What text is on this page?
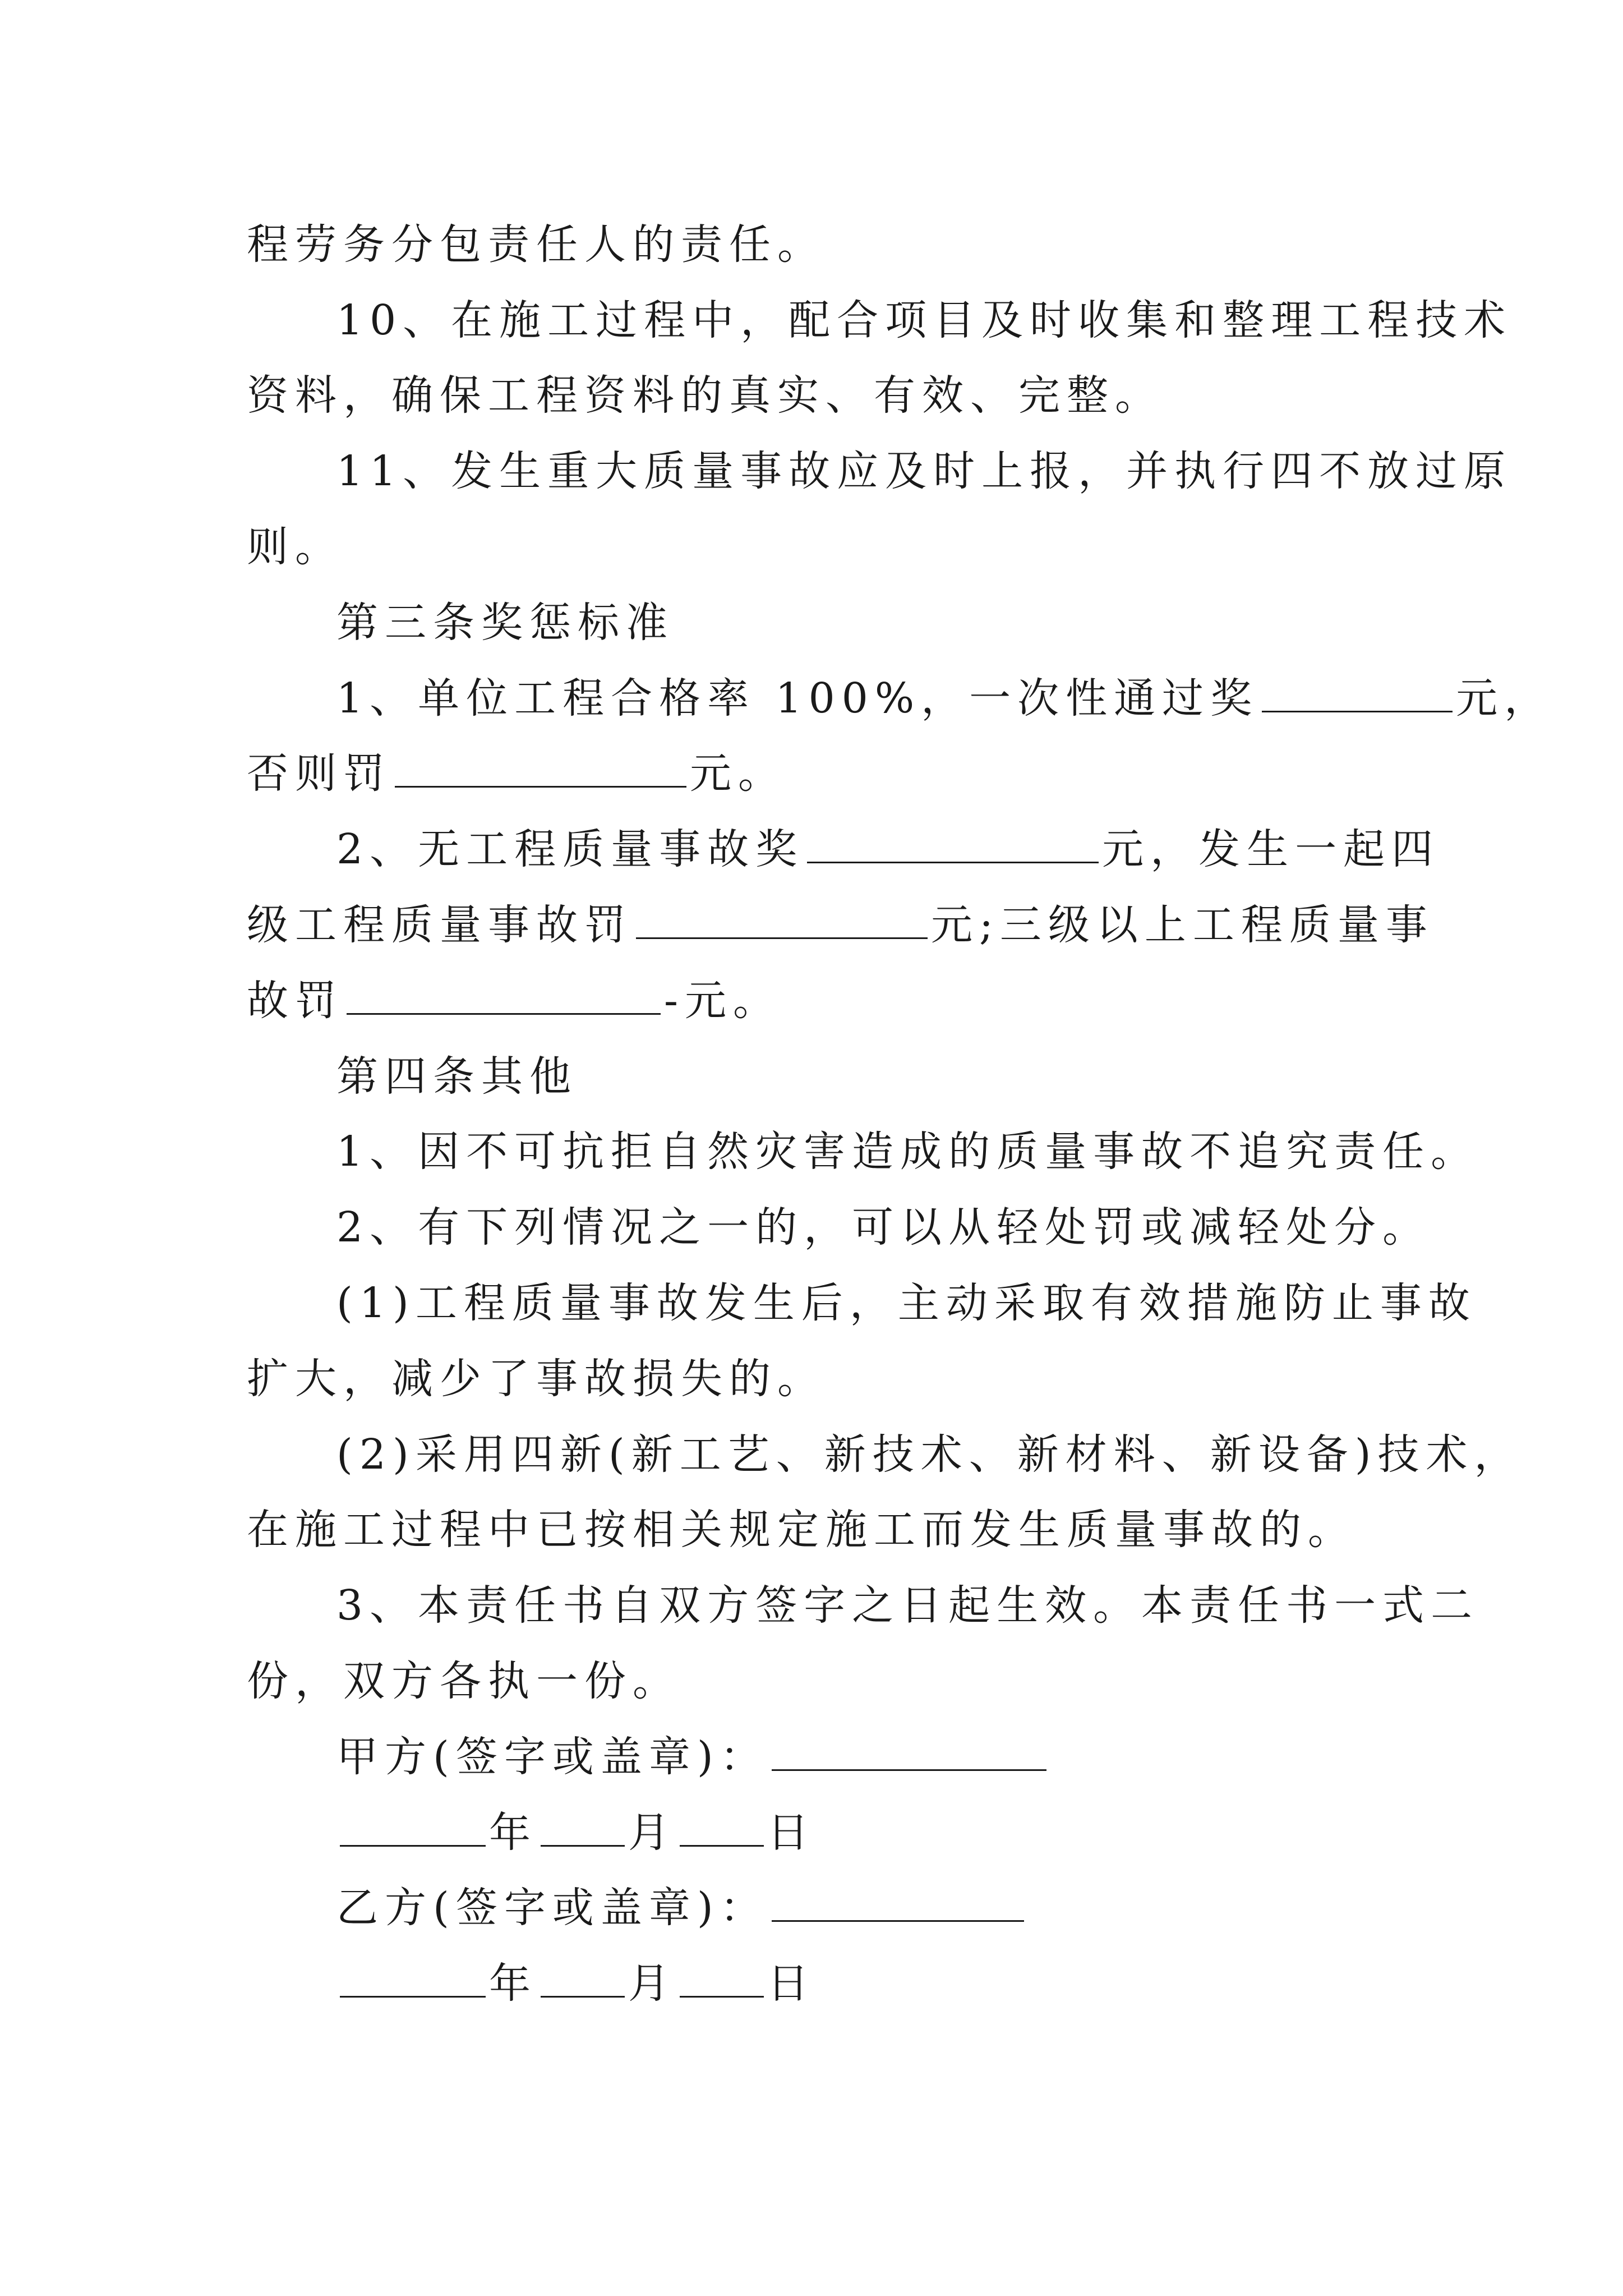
程劳务分包责任人的责任。
10、在施工过程中，配合项目及时收集和整理工程技术
资料，确保工程资料的真实、有效、完整。
11、发生重大质量事故应及时上报，并执行四不放过原
则。
第三条奖惩标准
1、单位工程合格率 100%，一次性通过奖	元，
否则罚	元。
2、无工程质量事故奖	元，发生一起四
级工程质量事故罚	元;三级以上工程质量事
故罚	-元。
第四条其他
1、因不可抗拒自然灾害造成的质量事故不追究责任。
2、有下列情况之一的，可以从轻处罚或减轻处分。
(1)工程质量事故发生后，主动采取有效措施防止事故
扩大，减少了事故损失的。
(2)采用四新(新工艺、新技术、新材料、新设备)技术，
在施工过程中已按相关规定施工而发生质量事故的。
3、本责任书自双方签字之日起生效。本责任书一式二
份，双方各执一份。
甲方(签字或盖章)：
年 月 日
乙方(签字或盖章)：
年 月 日
